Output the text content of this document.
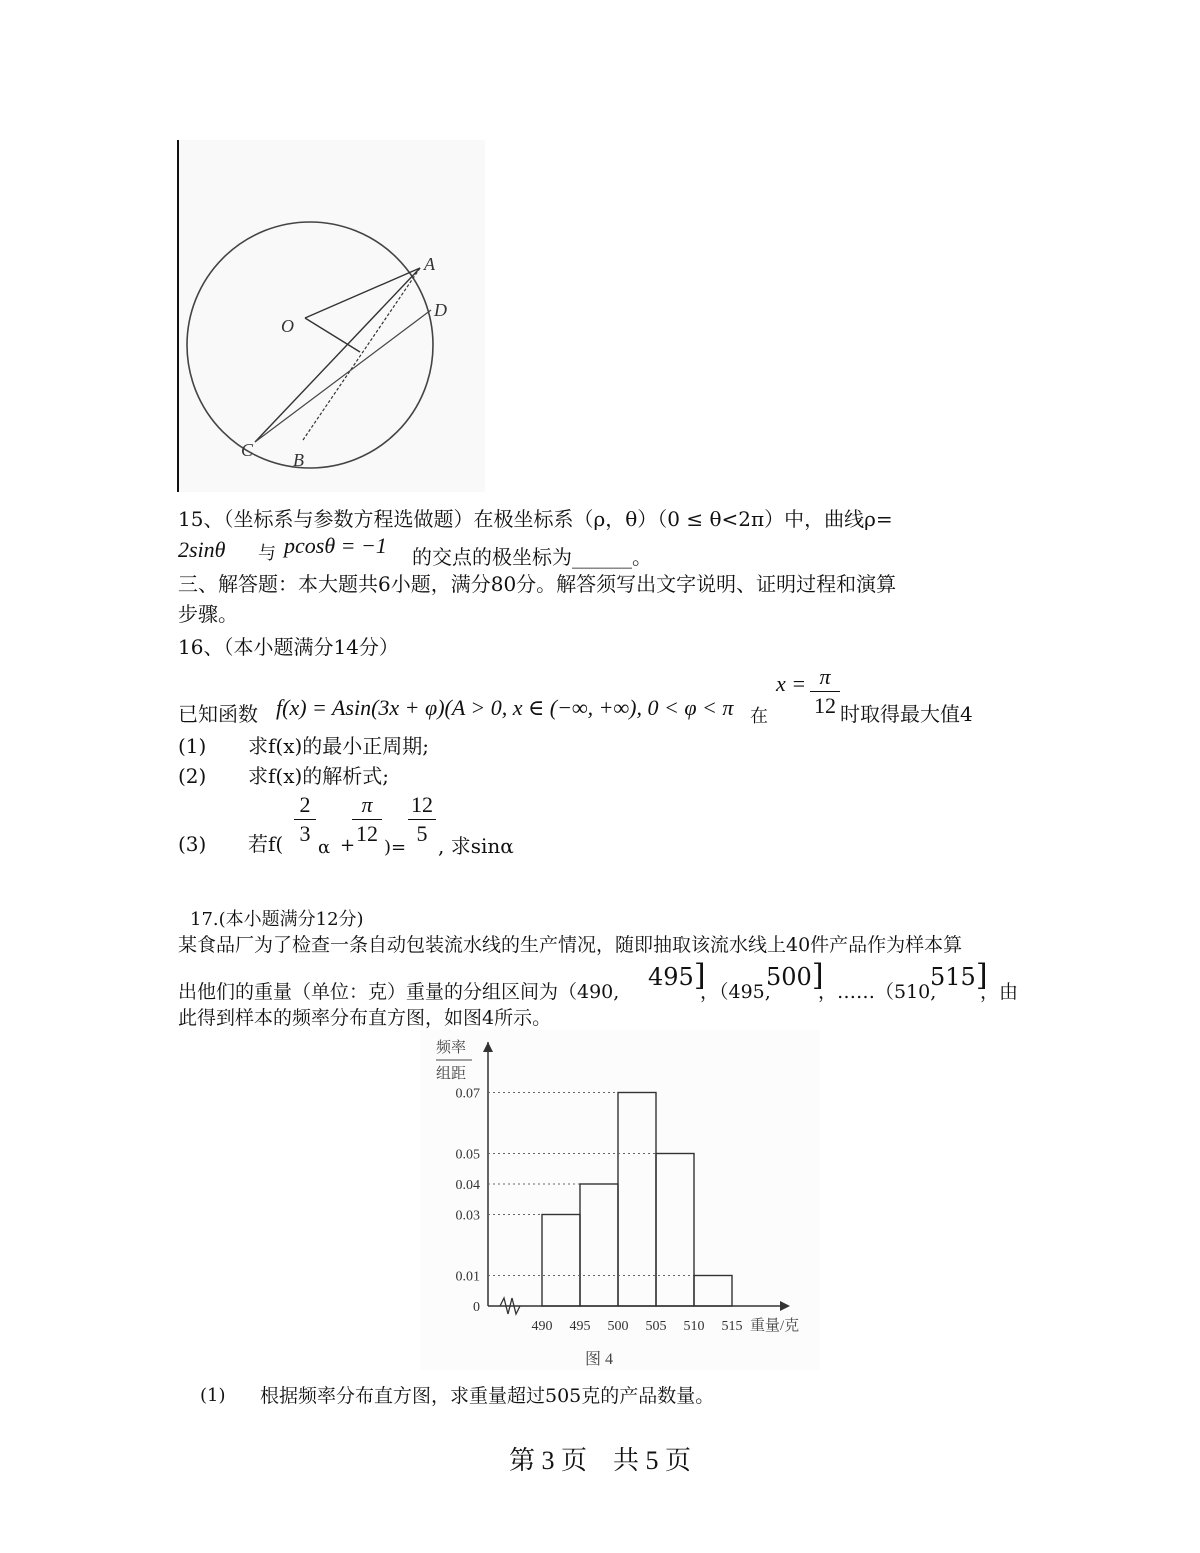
O
A
D
B
C
15、（坐标系与参数方程选做题）在极坐标系（ρ，θ）（0 ≤ θ<2π）中，曲线ρ=
2sinθ 与 pcosθ = −1 的交点的极坐标为______。
三、解答题：本大题共6小题，满分80分。解答须写出文字说明、证明过程和演算
步骤。
16、（本小题满分14分）
已知函数 f(x) = Asin(3x + φ)(A > 0, x ∈ (−∞, +∞), 0 < φ < π 在
x = π
12 时取得最大值4
(1) 求f(x)的最小正周期;
(2) 求f(x)的解析式;
(3) 若f(
2
3
α +
π
12
)=
12
5 , 求sinα
17.(本小题满分12分)
某食品厂为了检查一条自动包装流水线的生产情况，随即抽取该流水线上40件产品作为样本算
出他们的重量（单位：克）重量的分组区间为（490,
495]
，（495,
500]
，……（510,
515]
，由
此得到样本的频率分布直方图，如图4所示。
频率
组距
重量/克
图 4
0
0.01
0.03
0.04
0.05
0.07
490 495 500 505 510 515
(1) 根据频率分布直方图，求重量超过505克的产品数量。
第 3 页　共 5 页
